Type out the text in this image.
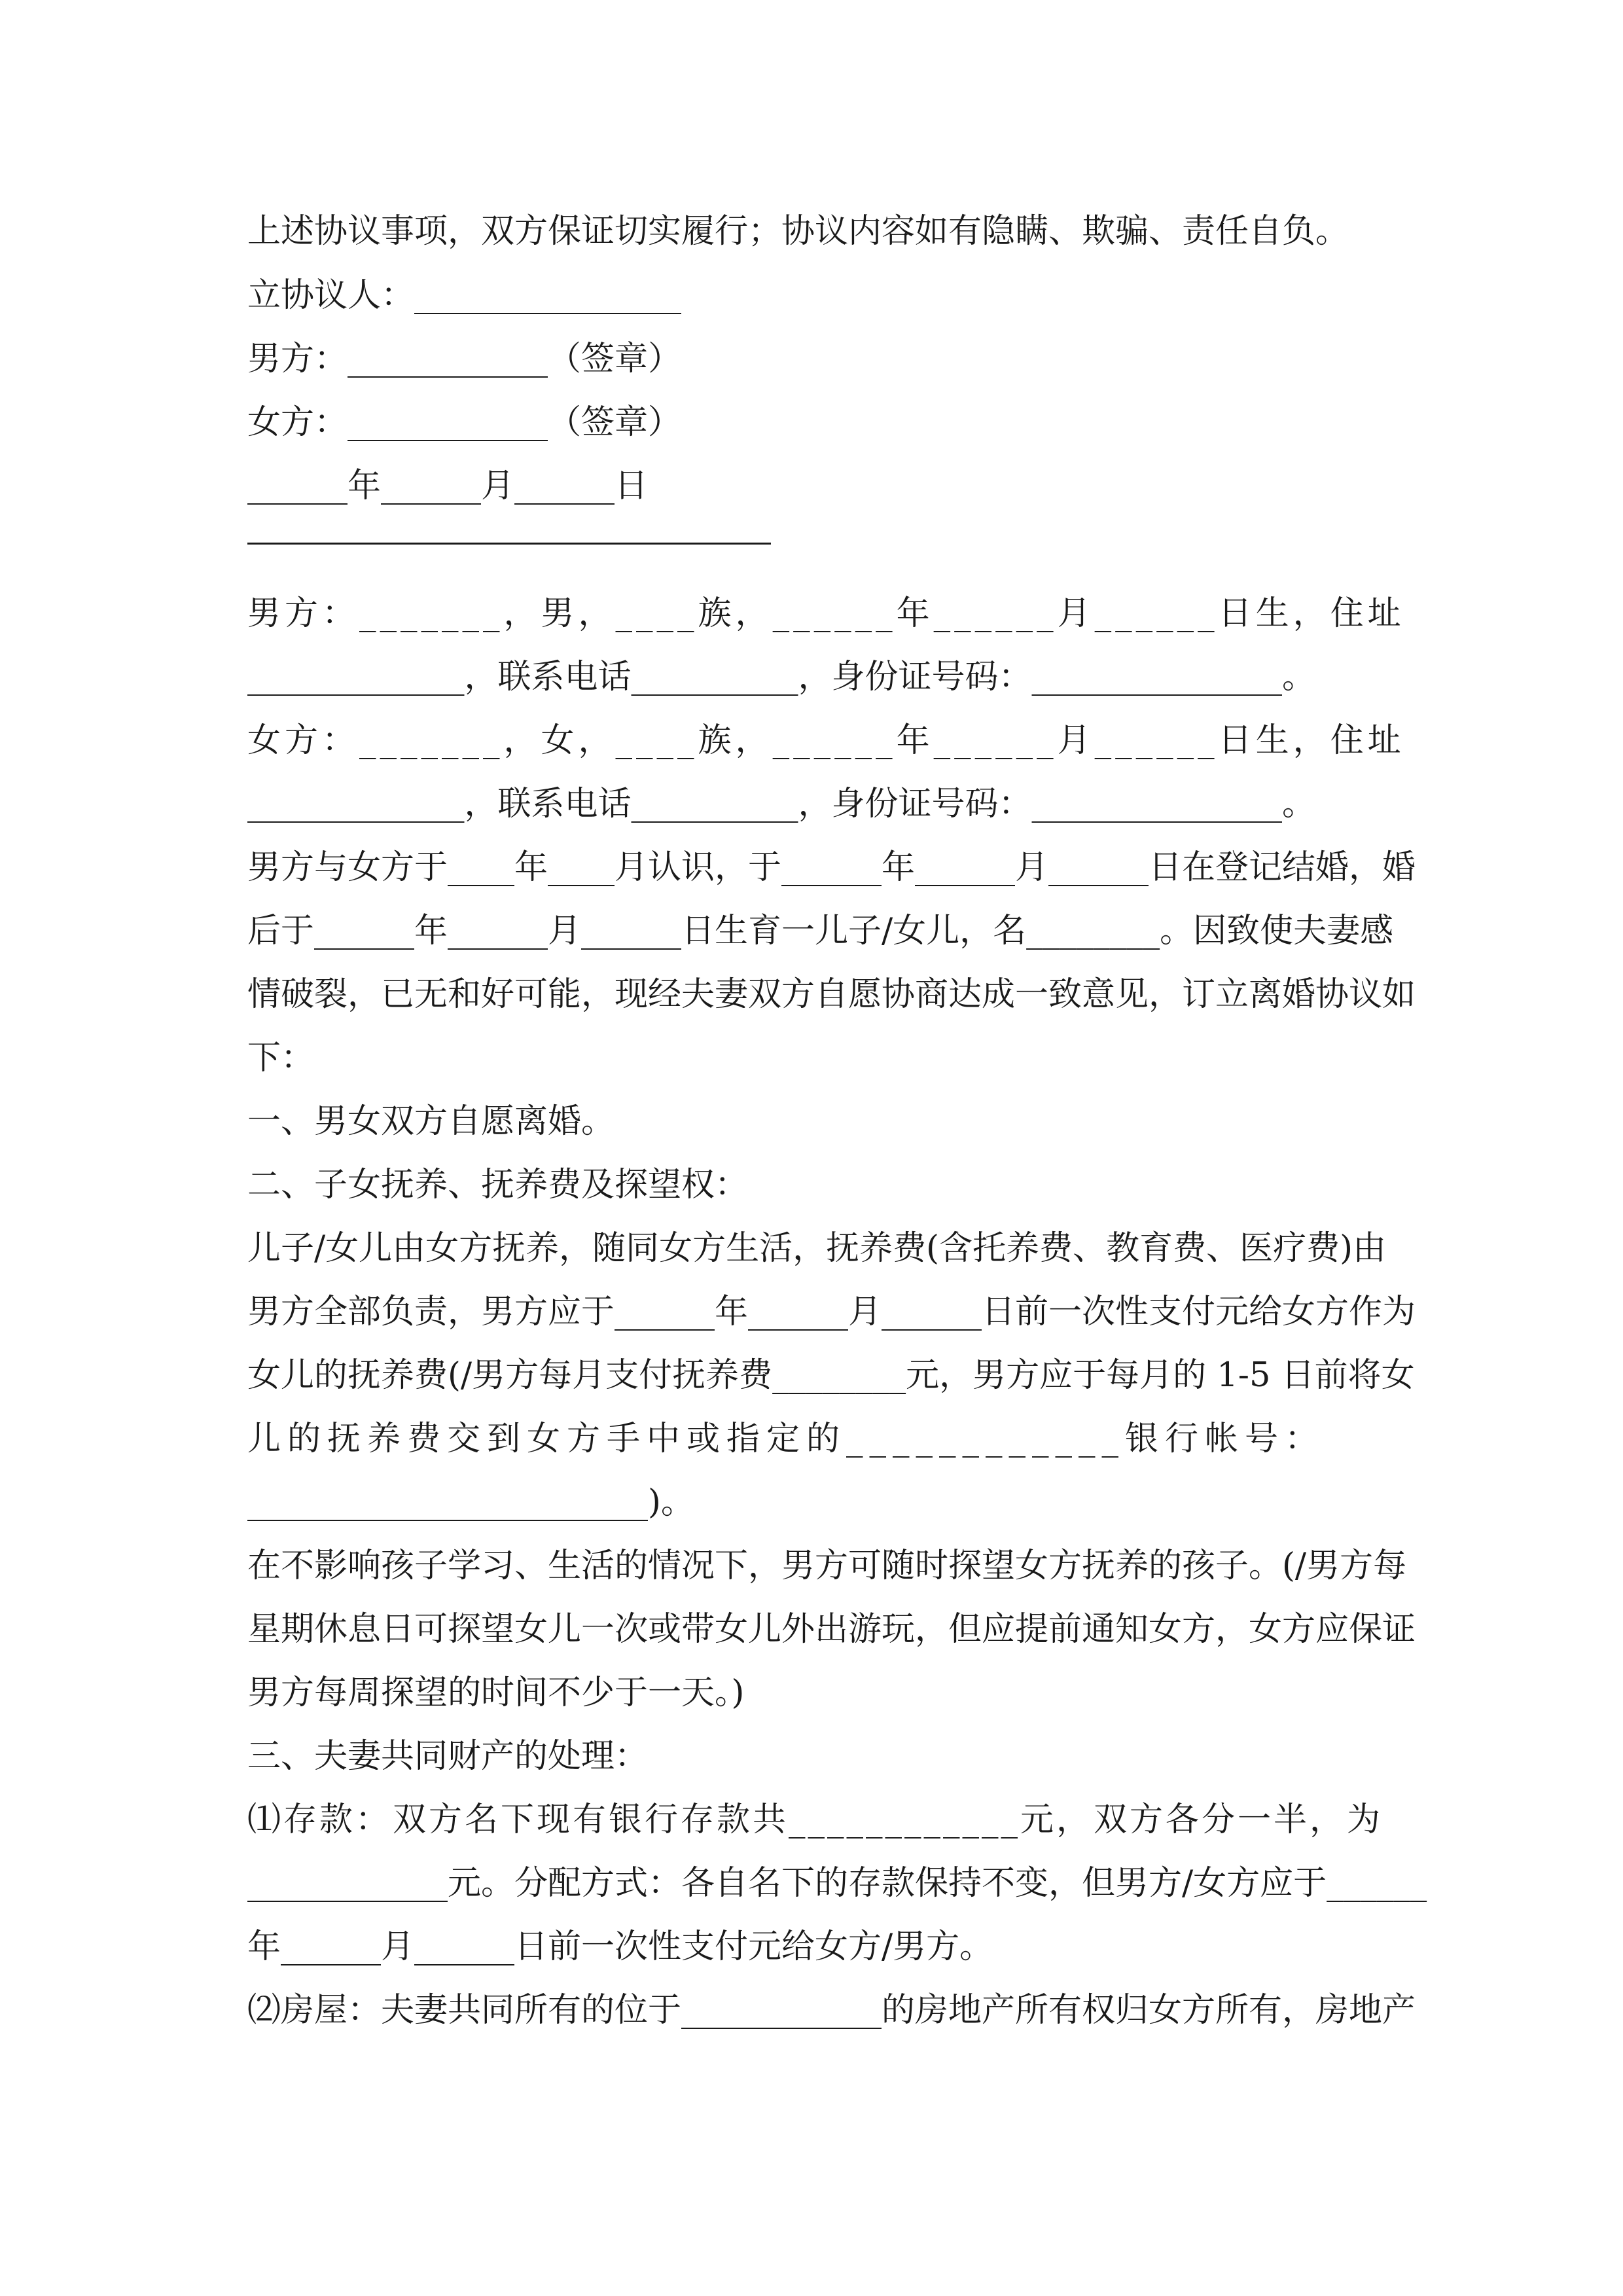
上述协议事项，双方保证切实履行；协议内容如有隐瞒、欺骗、责任自负。
立协议人：________________
男方：____________（签章）
女方：____________（签章）
______年______月______日
男方： _______， 男， ____族， ______年______月______日生， 住址
_____________，联系电话__________，身份证号码：_______________。
女方： _______， 女， ____族， ______年______月______日生， 住址
_____________，联系电话__________，身份证号码：_______________。
男方与女方于____年____月认识，于______年______月______日在登记结婚，婚
后于______年______月______日生育一儿子/女儿，名________。因致使夫妻感
情破裂，已无和好可能，现经夫妻双方自愿协商达成一致意见，订立离婚协议如
下：
一、男女双方自愿离婚。
二、子女抚养、抚养费及探望权：
儿子/女儿由女方抚养，随同女方生活，抚养费(含托养费、教育费、医疗费)由
男方全部负责，男方应于______年______月______日前一次性支付元给女方作为
女儿的抚养费(/男方每月支付抚养费________元，男方应于每月的 1-5 日前将女
儿的抚养费交到女方手中或指定的____________银行帐号：
________________________)。
在不影响孩子学习、生活的情况下，男方可随时探望女方抚养的孩子。(/男方每
星期休息日可探望女儿一次或带女儿外出游玩，但应提前通知女方，女方应保证
男方每周探望的时间不少于一天。)
三、夫妻共同财产的处理：
⑴存款： 双方名下现有银行存款共____________元， 双方各分一半， 为
____________元。分配方式：各自名下的存款保持不变，但男方/女方应于______
年______月______日前一次性支付元给女方/男方。
⑵房屋：夫妻共同所有的位于____________的房地产所有权归女方所有，房地产
